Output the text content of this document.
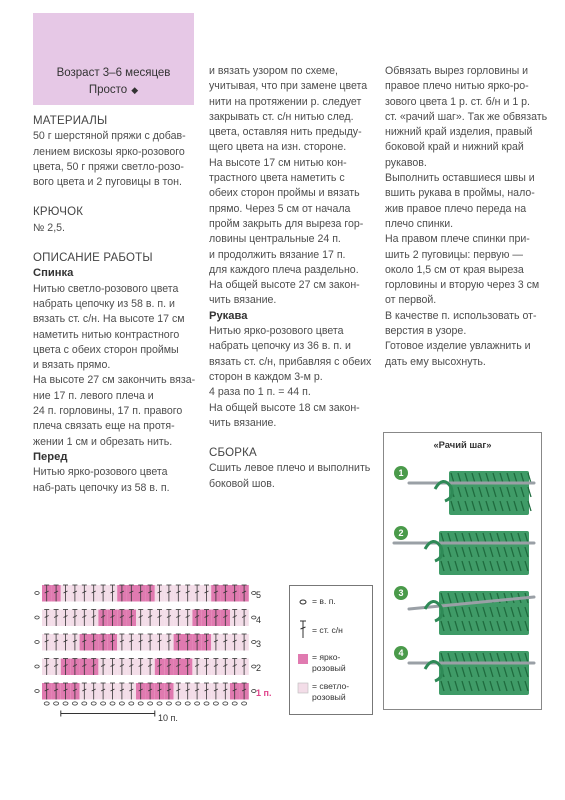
Возраст 3–6 месяцев
Просто ◆

МАТЕРИАЛЫ

50 г шерстяной пряжи с добав-

лением вискозы ярко-розового

цвета, 50 г пряжи светло-розо-

вого цвета и 2 пуговицы в тон.

КРЮЧОК

№ 2,5.

ОПИСАНИЕ РАБОТЫ

Спинка

Нитью светло-розового цвета

набрать цепочку из 58 в. п. и

вязать ст. с/н. На высоте 17 см

наметить нитью контрастного

цвета с обеих сторон проймы

и вязать прямо.

На высоте 27 см закончить вяза-

ние 17 п. левого плеча и

24 п. горловины, 17 п. правого

плеча связать еще на протя-

жении 1 см и обрезать нить.

Перед

Нитью ярко-розового цвета

наб-рать цепочку из 58 в. п.

и вязать узором по схеме,

учитывая, что при замене цвета

нити на протяжении р. следует

закрывать ст. с/н нитью след.

цвета, оставляя нить предыду-

щего цвета на изн. стороне.

На высоте 17 см нитью кон-

трастного цвета наметить с

обеих сторон проймы и вязать

прямо. Через 5 см от начала

пройм закрыть для выреза гор-

ловины центральные 24 п.

и продолжить вязание 17 п.

для каждого плеча раздельно.

На общей высоте 27 см закон-

чить вязание.

Рукава

Нитью ярко-розового цвета

набрать цепочку из 36 в. п. и

вязать ст. с/н, прибавляя с обеих

сторон в каждом 3-м р.

4 раза по 1 п. = 44 п.

На общей высоте 18 см закон-

чить вязание.

СБОРКА

Сшить левое плечо и выполнить

боковой шов.

Обвязать вырез горловины и

правое плечо нитью ярко-ро-

зового цвета 1 р. ст. б/н и 1 р.

ст. «рачий шаг». Так же обвязать

нижний край изделия, правый

боковой край и нижний край

рукавов.

Выполнить оставшиеся швы и

вшить рукава в проймы, нало-

жив правое плечо переда на

плечо спинки.

На правом плече спинки при-

шить 2 пуговицы: первую —

около 1,5 см от края выреза

горловины и вторую через 3 см

от первой.

В качестве п. использовать от-

верстия в узоре.

Готовое изделие увлажнить и

дать ему высохнуть.

«Рачий шаг»
1
2
3
4
5
4
3
2
1 п.
10 п.
= в. п.
= ст. с/н
= ярко-
розовый
= светло-
розовый
